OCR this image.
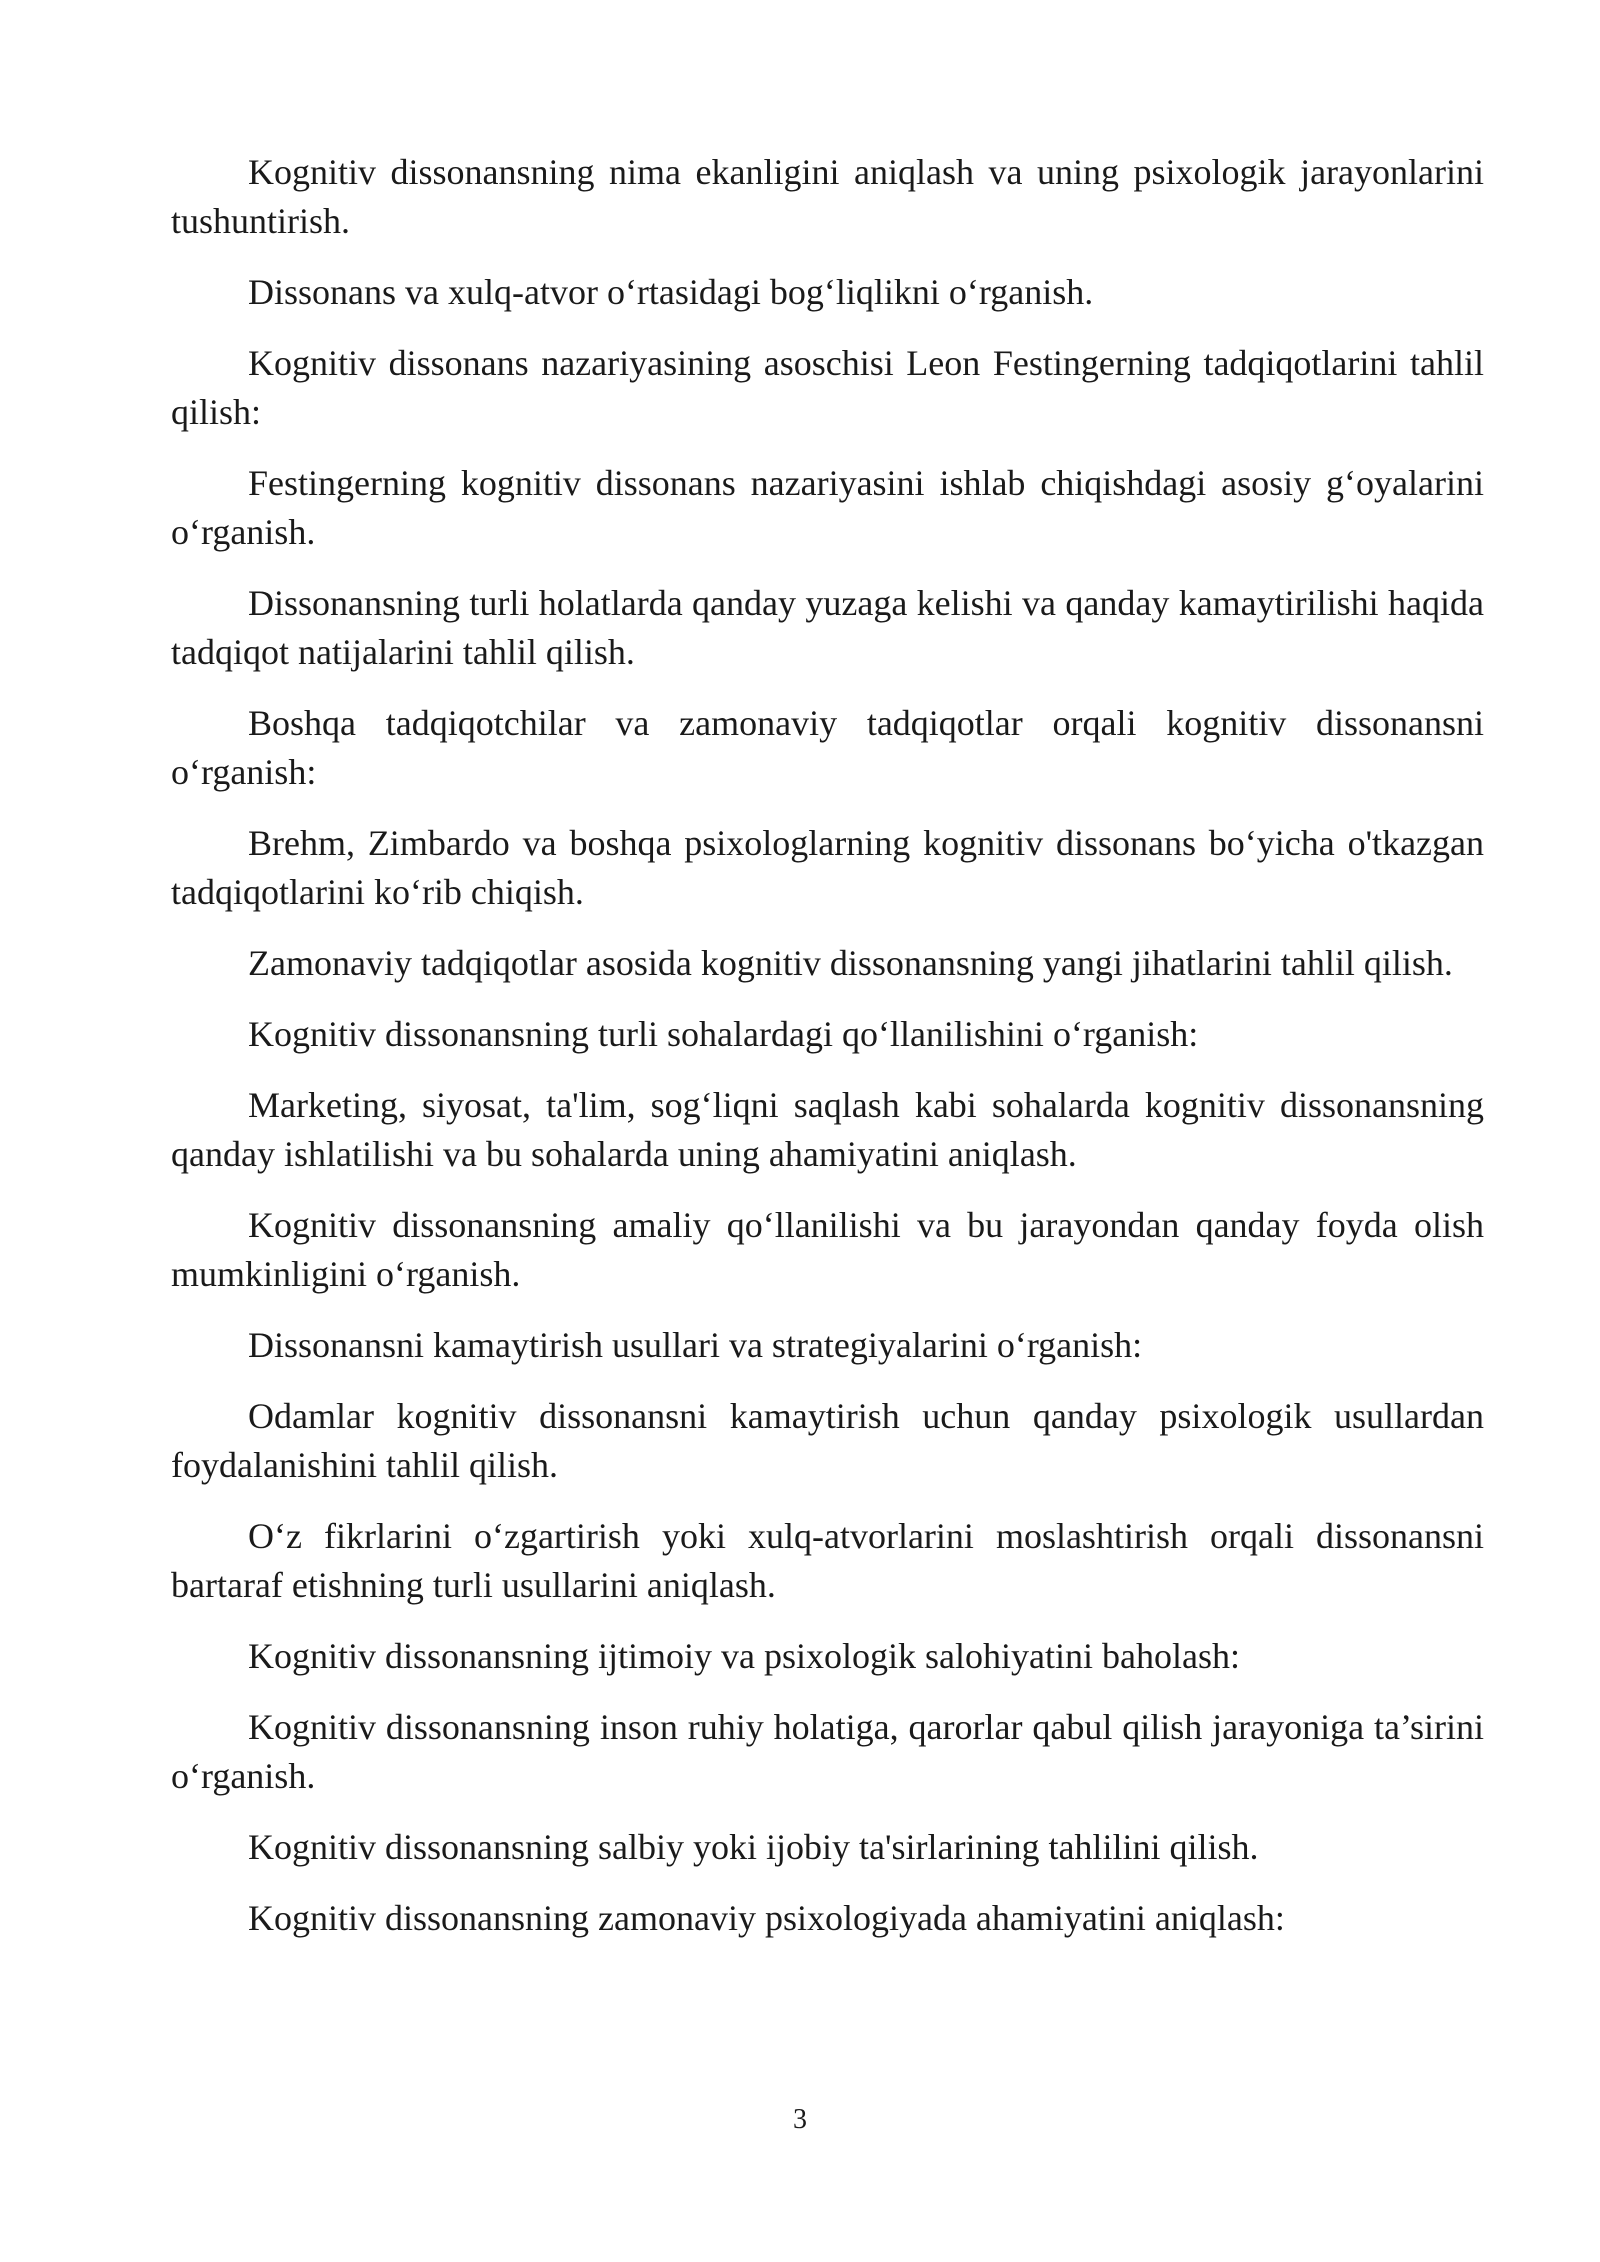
Kognitiv dissonansning nima ekanligini aniqlash va uning psixologik jarayonlarini tushuntirish.

Dissonans va xulq-atvor o‘rtasidagi bog‘liqlikni o‘rganish.

Kognitiv dissonans nazariyasining asoschisi Leon Festingerning tadqiqotlarini tahlil qilish:

Festingerning kognitiv dissonans nazariyasini ishlab chiqishdagi asosiy g‘oyalarini o‘rganish.

Dissonansning turli holatlarda qanday yuzaga kelishi va qanday kamaytirilishi haqida tadqiqot natijalarini tahlil qilish.

Boshqa tadqiqotchilar va zamonaviy tadqiqotlar orqali kognitiv dissonansni o‘rganish:

Brehm, Zimbardo va boshqa psixologlarning kognitiv dissonans bo‘yicha o'tkazgan tadqiqotlarini ko‘rib chiqish.

Zamonaviy tadqiqotlar asosida kognitiv dissonansning yangi jihatlarini tahlil qilish.

Kognitiv dissonansning turli sohalardagi qo‘llanilishini o‘rganish:

Marketing, siyosat, ta'lim, sog‘liqni saqlash kabi sohalarda kognitiv dissonansning qanday ishlatilishi va bu sohalarda uning ahamiyatini aniqlash.

Kognitiv dissonansning amaliy qo‘llanilishi va bu jarayondan qanday foyda olish mumkinligini o‘rganish.

Dissonansni kamaytirish usullari va strategiyalarini o‘rganish:

Odamlar kognitiv dissonansni kamaytirish uchun qanday psixologik usullardan foydalanishini tahlil qilish.

O‘z fikrlarini o‘zgartirish yoki xulq-atvorlarini moslashtirish orqali dissonansni bartaraf etishning turli usullarini aniqlash.

Kognitiv dissonansning ijtimoiy va psixologik salohiyatini baholash:

Kognitiv dissonansning inson ruhiy holatiga, qarorlar qabul qilish jarayoniga ta’sirini o‘rganish.

Kognitiv dissonansning salbiy yoki ijobiy ta'sirlarining tahlilini qilish.

Kognitiv dissonansning zamonaviy psixologiyada ahamiyatini aniqlash:

3
